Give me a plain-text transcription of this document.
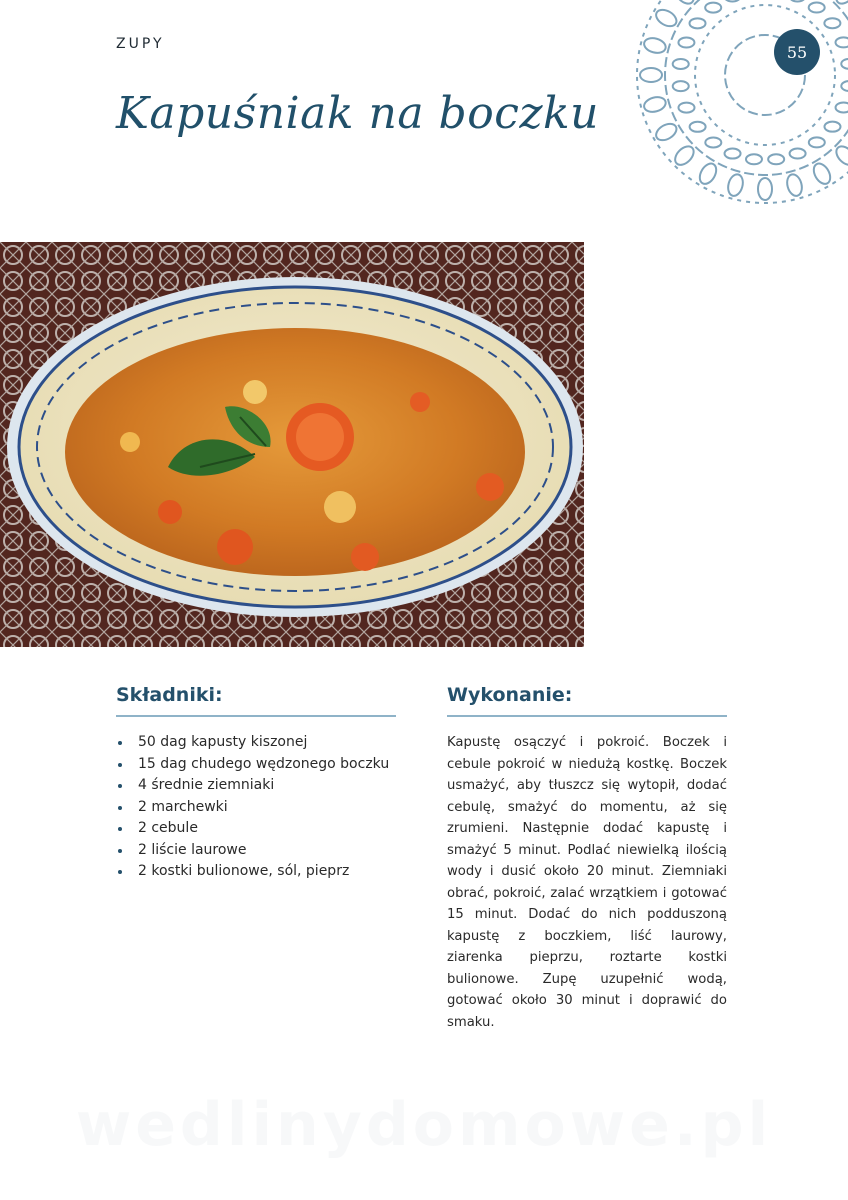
ZUPY
Kapuśniak na boczku
55
Składniki:
50 dag kapusty kiszonej
15 dag chudego wędzonego boczku
4 średnie ziemniaki
2 marchewki
2 cebule
2 liście laurowe
2 kostki bulionowe, sól, pieprz
Wykonanie:

Kapustę osączyć i pokroić. Boczek i cebule pokroić w niedużą kostkę. Boczek usmażyć, aby tłuszcz się wytopił, dodać cebulę, smażyć do momentu, aż się zrumieni. Następnie dodać kapustę i smażyć 5 minut. Podlać niewielką ilością wody i dusić około 20 minut. Ziemniaki obrać, pokroić, zalać wrzątkiem i gotować 15 minut. Dodać do nich podduszoną kapustę z boczkiem, liść laurowy, ziarenka pieprzu, roztarte kostki bulionowe. Zupę uzupełnić wodą, gotować około 30 minut i doprawić do smaku.

wedlinydomowe.pl
